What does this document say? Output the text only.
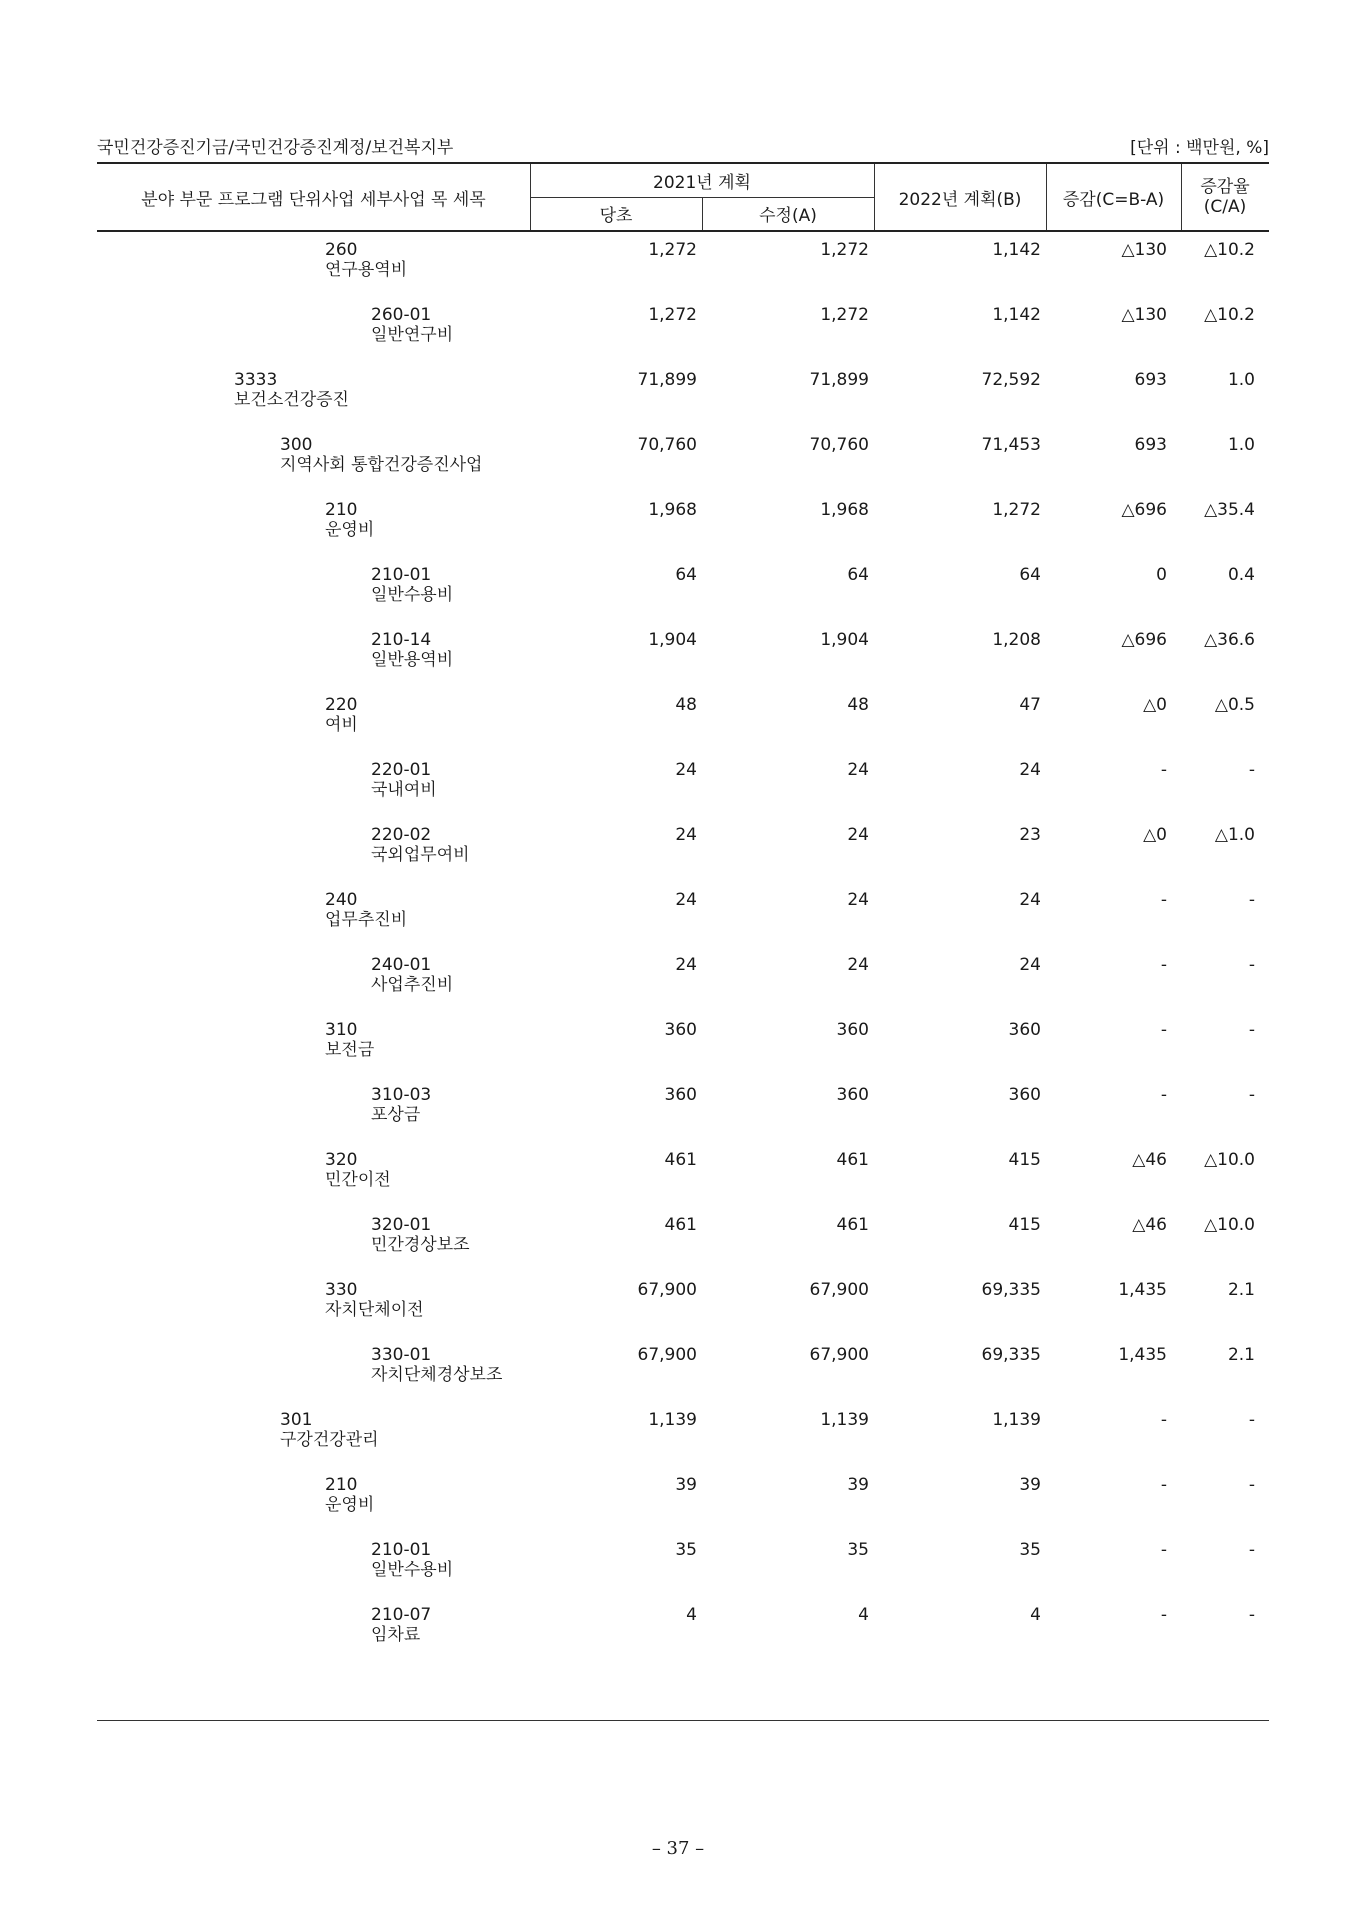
국민건강증진기금/국민건강증진계정/보건복지부	[단위 : 백만원, %]
분야 부문 프로그램 단위사업 세부사업 목 세목
2021년 계획
당초	수정(A)
2022년 계획(B)	증감(C=B-A)
증감율(C/A)
260
연구용역비
1,272	1,272	1,142	△130	△10.2
260-01
일반연구비
1,272	1,272	1,142	△130	△10.2
3333
보건소건강증진
71,899	71,899	72,592	693	1.0
300
지역사회 통합건강증진사업
70,760	70,760	71,453	693	1.0
210
운영비
1,968	1,968	1,272	△696	△35.4
210-01
일반수용비
64	64	64	0	0.4
210-14
일반용역비
1,904	1,904	1,208	△696	△36.6
220
여비
48	48	47	△0	△0.5
220-01
국내여비
24	24	24	-	-
220-02
국외업무여비
24	24	23	△0	△1.0
240
업무추진비
24	24	24	-	-
240-01
사업추진비
24	24	24	-	-
310
보전금
360	360	360	-	-
310-03
포상금
360	360	360	-	-
320
민간이전
461	461	415	△46	△10.0
320-01
민간경상보조
461	461	415	△46	△10.0
330
자치단체이전
67,900	67,900	69,335	1,435	2.1
330-01
자치단체경상보조
67,900	67,900	69,335	1,435	2.1
301
구강건강관리
1,139	1,139	1,139	-	-
210
운영비
39	39	39	-	-
210-01
일반수용비
35	35	35	-	-
210-07
임차료
4	4	4	-	-
– 37 –
